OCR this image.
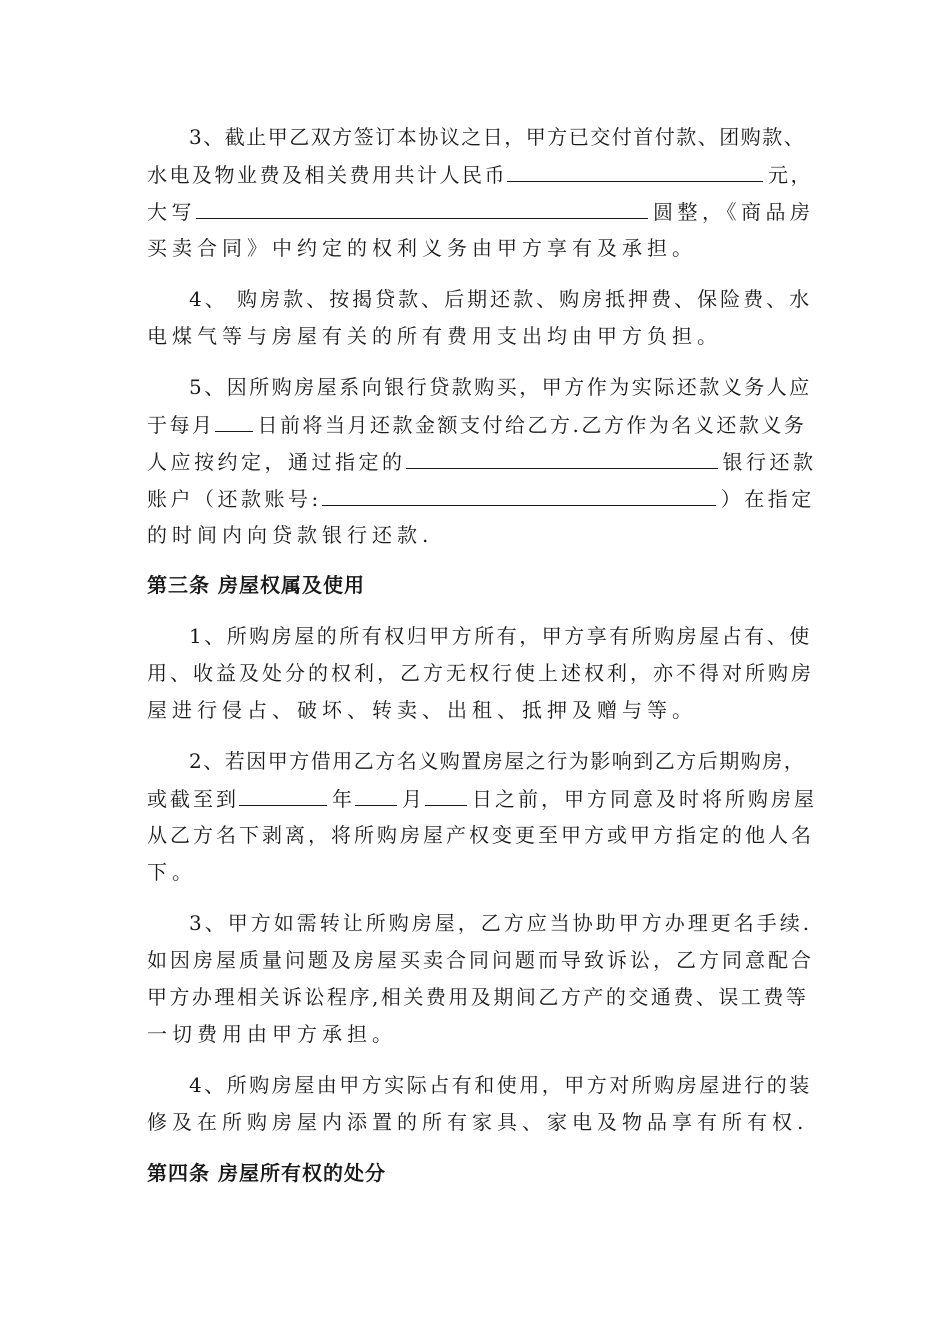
3、截止甲乙双方签订本协议之日，甲方已交付首付款、团购款、
水电及物业费及相关费用共计人民币	元，
大写	圆整，《商品房
买卖合同》中约定的权利义务由甲方享有及承担。
4、 购房款、按揭贷款、后期还款、购房抵押费、保险费、水
电煤气等与房屋有关的所有费用支出均由甲方负担。
5、因所购房屋系向银行贷款购买，甲方作为实际还款义务人应
于每月 日前将当月还款金额支付给乙方.乙方作为名义还款义务
人应按约定，通过指定的	银行还款
账户（还款账号:	）在指定
的时间内向贷款银行还款.
第三条 房屋权属及使用
1、所购房屋的所有权归甲方所有，甲方享有所购房屋占有、使
用、收益及处分的权利，乙方无权行使上述权利，亦不得对所购房
屋进行侵占、破坏、转卖、出租、抵押及赠与等。
2、若因甲方借用乙方名义购置房屋之行为影响到乙方后期购房，
或截至到	年 月 日之前，甲方同意及时将所购房屋
从乙方名下剥离，将所购房屋产权变更至甲方或甲方指定的他人名
下。
3、甲方如需转让所购房屋，乙方应当协助甲方办理更名手续.
如因房屋质量问题及房屋买卖合同问题而导致诉讼，乙方同意配合
甲方办理相关诉讼程序,相关费用及期间乙方产的交通费、误工费等
一切费用由甲方承担。
4、所购房屋由甲方实际占有和使用，甲方对所购房屋进行的装
修及在所购房屋内添置的所有家具、家电及物品享有所有权.
第四条 房屋所有权的处分
